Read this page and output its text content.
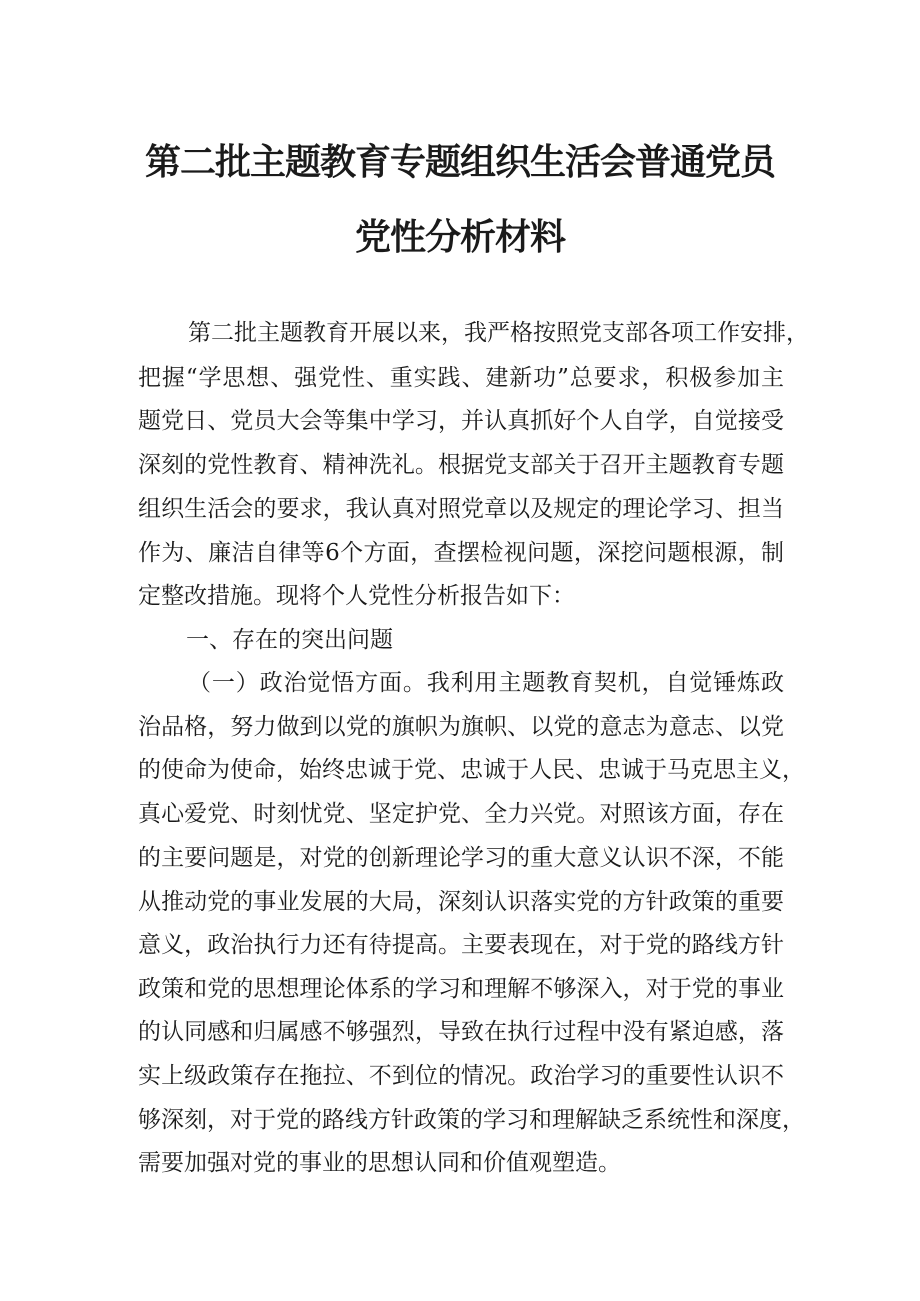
第二批主题教育专题组织生活会普通党员
党性分析材料
第二批主题教育开展以来，我严格按照党支部各项工作安排，
把握“学思想、强党性、重实践、建新功”总要求，积极参加主
题党日、党员大会等集中学习，并认真抓好个人自学，自觉接受
深刻的党性教育、精神洗礼。根据党支部关于召开主题教育专题
组织生活会的要求，我认真对照党章以及规定的理论学习、担当
作为、廉洁自律等6个方面，查摆检视问题，深挖问题根源，制
定整改措施。现将个人党性分析报告如下：
一、存在的突出问题
（一）政治觉悟方面。我利用主题教育契机，自觉锤炼政
治品格，努力做到以党的旗帜为旗帜、以党的意志为意志、以党
的使命为使命，始终忠诚于党、忠诚于人民、忠诚于马克思主义，
真心爱党、时刻忧党、坚定护党、全力兴党。对照该方面，存在
的主要问题是，对党的创新理论学习的重大意义认识不深，不能
从推动党的事业发展的大局，深刻认识落实党的方针政策的重要
意义，政治执行力还有待提高。主要表现在，对于党的路线方针
政策和党的思想理论体系的学习和理解不够深入，对于党的事业
的认同感和归属感不够强烈，导致在执行过程中没有紧迫感，落
实上级政策存在拖拉、不到位的情况。政治学习的重要性认识不
够深刻，对于党的路线方针政策的学习和理解缺乏系统性和深度，
需要加强对党的事业的思想认同和价值观塑造。
